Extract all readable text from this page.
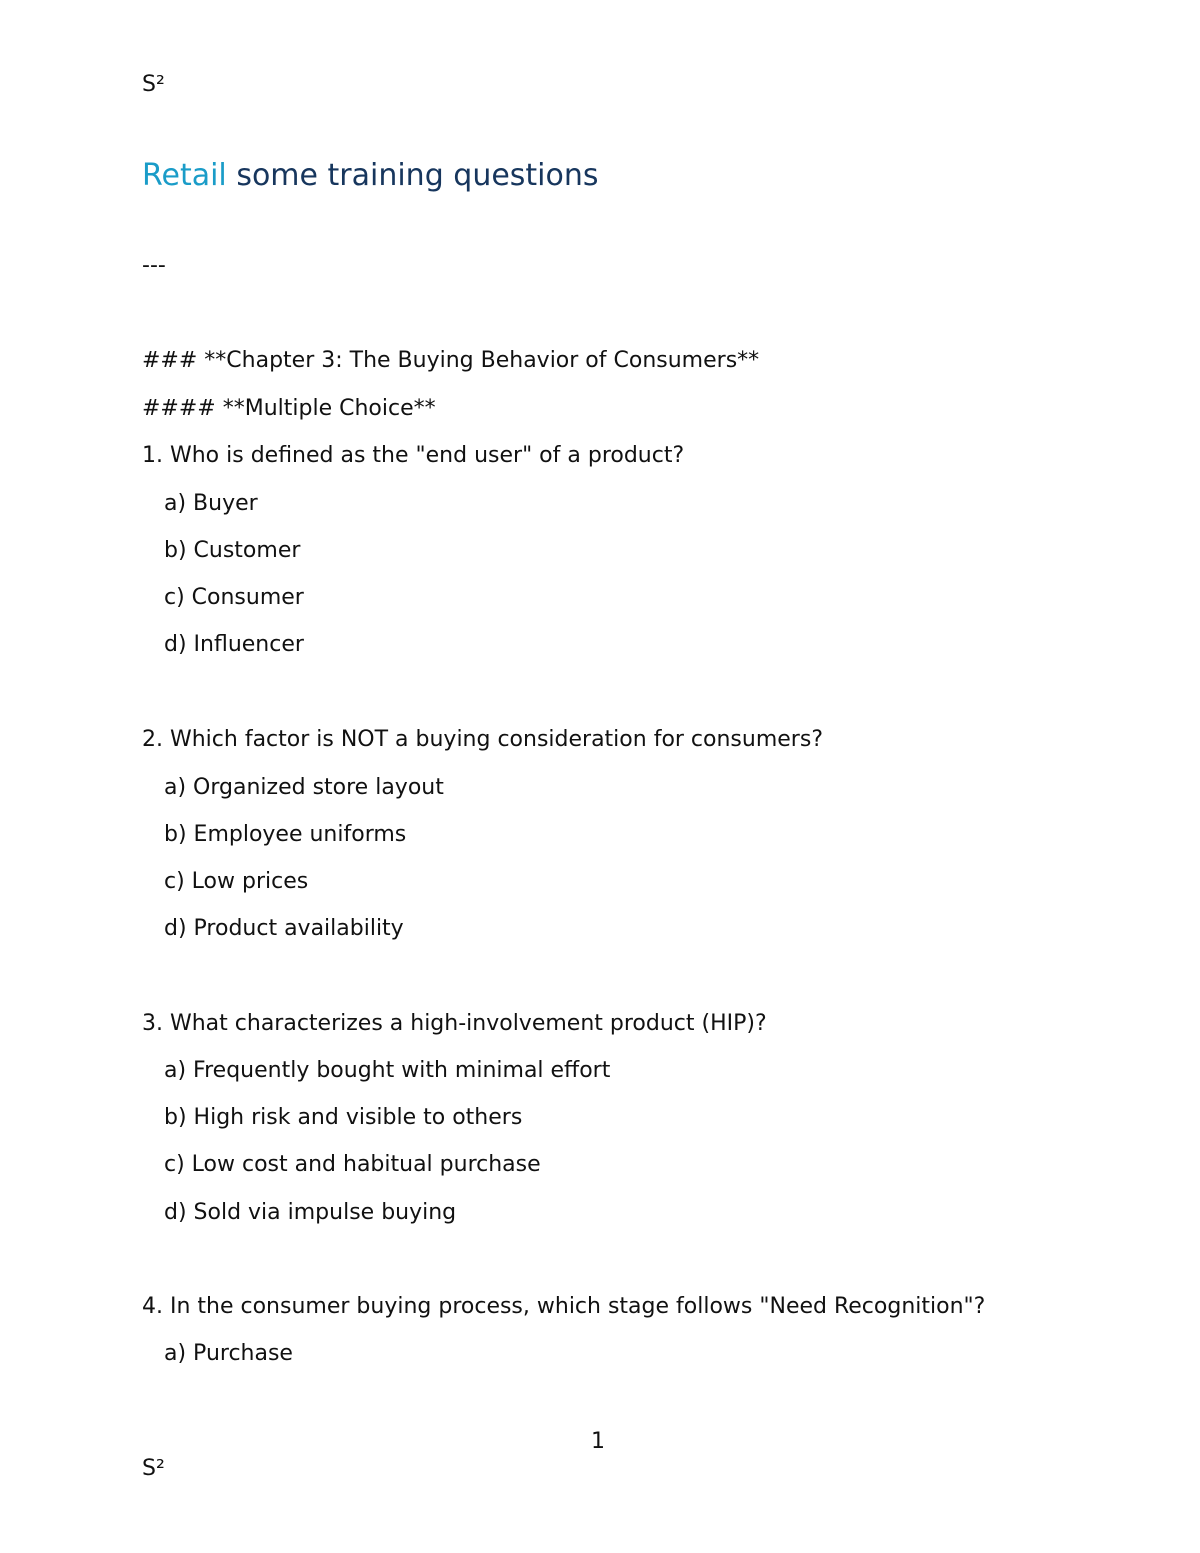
S²
Retail some training questions
---
### **Chapter 3: The Buying Behavior of Consumers**
#### **Multiple Choice**
1. Who is defined as the "end user" of a product?
a) Buyer
b) Customer
c) Consumer
d) Influencer
2. Which factor is NOT a buying consideration for consumers?
a) Organized store layout
b) Employee uniforms
c) Low prices
d) Product availability
3. What characterizes a high-involvement product (HIP)?
a) Frequently bought with minimal effort
b) High risk and visible to others
c) Low cost and habitual purchase
d) Sold via impulse buying
4. In the consumer buying process, which stage follows "Need Recognition"?
a) Purchase
1
S²
